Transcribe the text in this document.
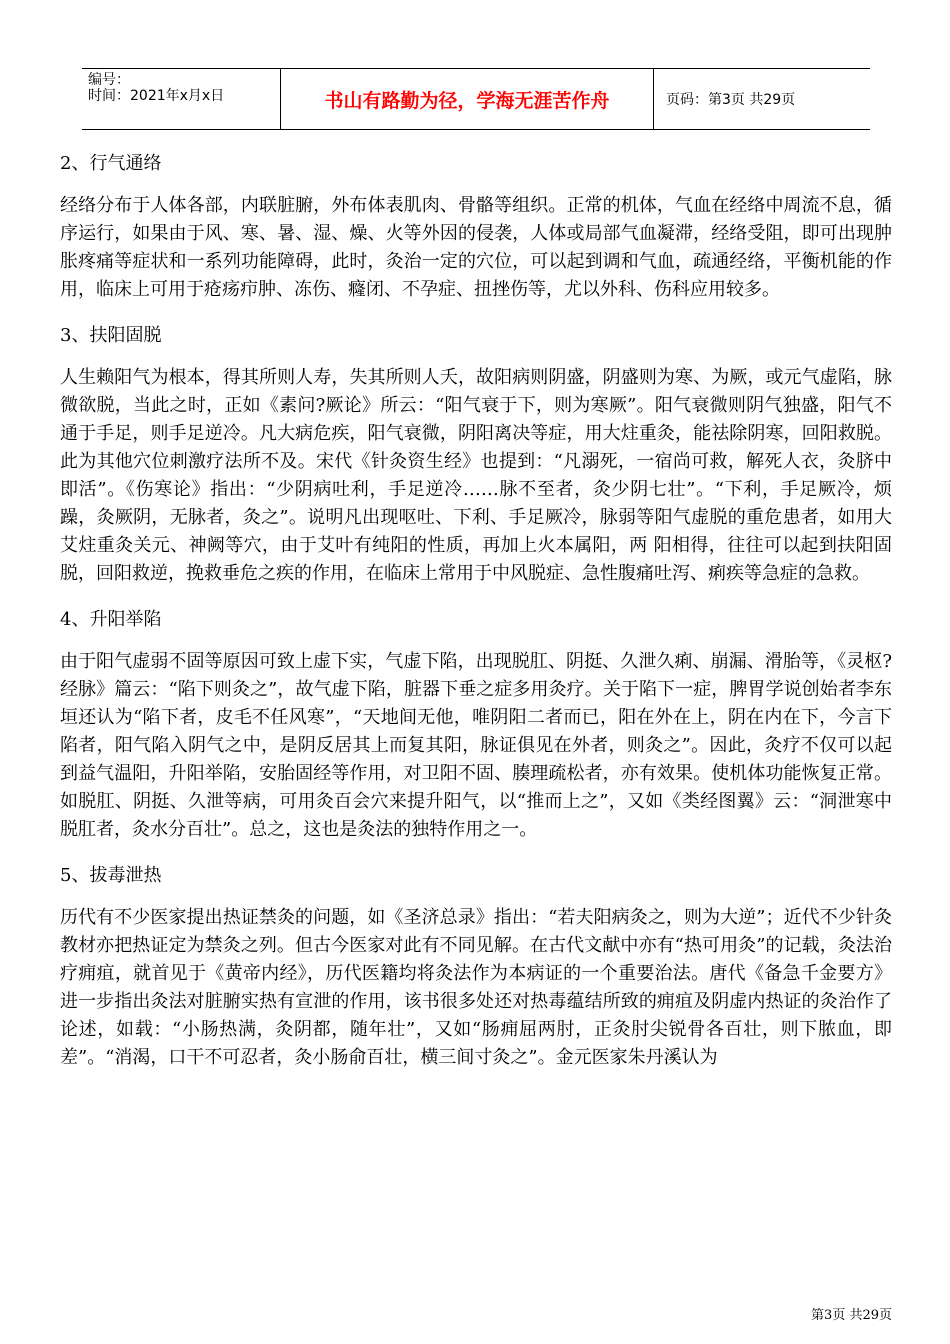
编号：
时间：2021年x月x日	书山有路勤为径，学海无涯苦作舟	页码：第3页 共29页
2、行气通络

经络分布于人体各部，内联脏腑，外布体表肌肉、骨骼等组织。正常的机体，气血在经络中周流不息，循序运行，如果由于风、寒、暑、湿、燥、火等外因的侵袭，人体或局部气血凝滞，经络受阻，即可出现肿胀疼痛等症状和一系列功能障碍，此时，灸治一定的穴位，可以起到调和气血，疏通经络，平衡机能的作用，临床上可用于疮疡疖肿、冻伤、癃闭、不孕症、扭挫伤等，尤以外科、伤科应用较多。

3、扶阳固脱

人生赖阳气为根本，得其所则人寿，失其所则人夭，故阳病则阴盛，阴盛则为寒、为厥，或元气虚陷，脉微欲脱，当此之时，正如《素问?厥论》所云：“阳气衰于下，则为寒厥”。阳气衰微则阴气独盛，阳气不通于手足，则手足逆冷。凡大病危疾，阳气衰微，阴阳离决等症，用大炷重灸，能祛除阴寒，回阳救脱。此为其他穴位刺激疗法所不及。宋代《针灸资生经》也提到：“凡溺死，一宿尚可救，解死人衣，灸脐中即活”。《伤寒论》指出：“少阴病吐利，手足逆冷……脉不至者，灸少阴七壮”。“下利，手足厥冷，烦躁，灸厥阴，无脉者，灸之”。说明凡出现呕吐、下利、手足厥冷，脉弱等阳气虚脱的重危患者，如用大艾炷重灸关元、神阙等穴，由于艾叶有纯阳的性质，再加上火本属阳，两 阳相得，往往可以起到扶阳固脱，回阳救逆，挽救垂危之疾的作用，在临床上常用于中风脱症、急性腹痛吐泻、痢疾等急症的急救。

4、升阳举陷

由于阳气虚弱不固等原因可致上虚下实，气虚下陷，出现脱肛、阴挺、久泄久痢、崩漏、滑胎等，《灵枢?经脉》篇云：“陷下则灸之”，故气虚下陷，脏器下垂之症多用灸疗。关于陷下一症，脾胃学说创始者李东垣还认为“陷下者，皮毛不任风寒”，“天地间无他，唯阴阳二者而已，阳在外在上，阴在内在下，今言下陷者，阳气陷入阴气之中，是阴反居其上而复其阳，脉证俱见在外者，则灸之”。因此，灸疗不仅可以起到益气温阳，升阳举陷，安胎固经等作用，对卫阳不固、腠理疏松者，亦有效果。使机体功能恢复正常。如脱肛、阴挺、久泄等病，可用灸百会穴来提升阳气，以“推而上之”，又如《类经图翼》云：“洞泄寒中脱肛者，灸水分百壮”。总之，这也是灸法的独特作用之一。

5、拔毒泄热

历代有不少医家提出热证禁灸的问题，如《圣济总录》指出：“若夫阳病灸之，则为大逆”；近代不少针灸教材亦把热证定为禁灸之列。但古今医家对此有不同见解。在古代文献中亦有“热可用灸”的记载，灸法治疗痈疽，就首见于《黄帝内经》，历代医籍均将灸法作为本病证的一个重要治法。唐代《备急千金要方》进一步指出灸法对脏腑实热有宣泄的作用，该书很多处还对热毒蕴结所致的痈疽及阴虚内热证的灸治作了论述，如载：“小肠热满，灸阴都，随年壮”，又如“肠痈屈两肘，正灸肘尖锐骨各百壮，则下脓血，即差”。“消渴，口干不可忍者，灸小肠俞百壮，横三间寸灸之”。金元医家朱丹溪认为

第3页 共29页
